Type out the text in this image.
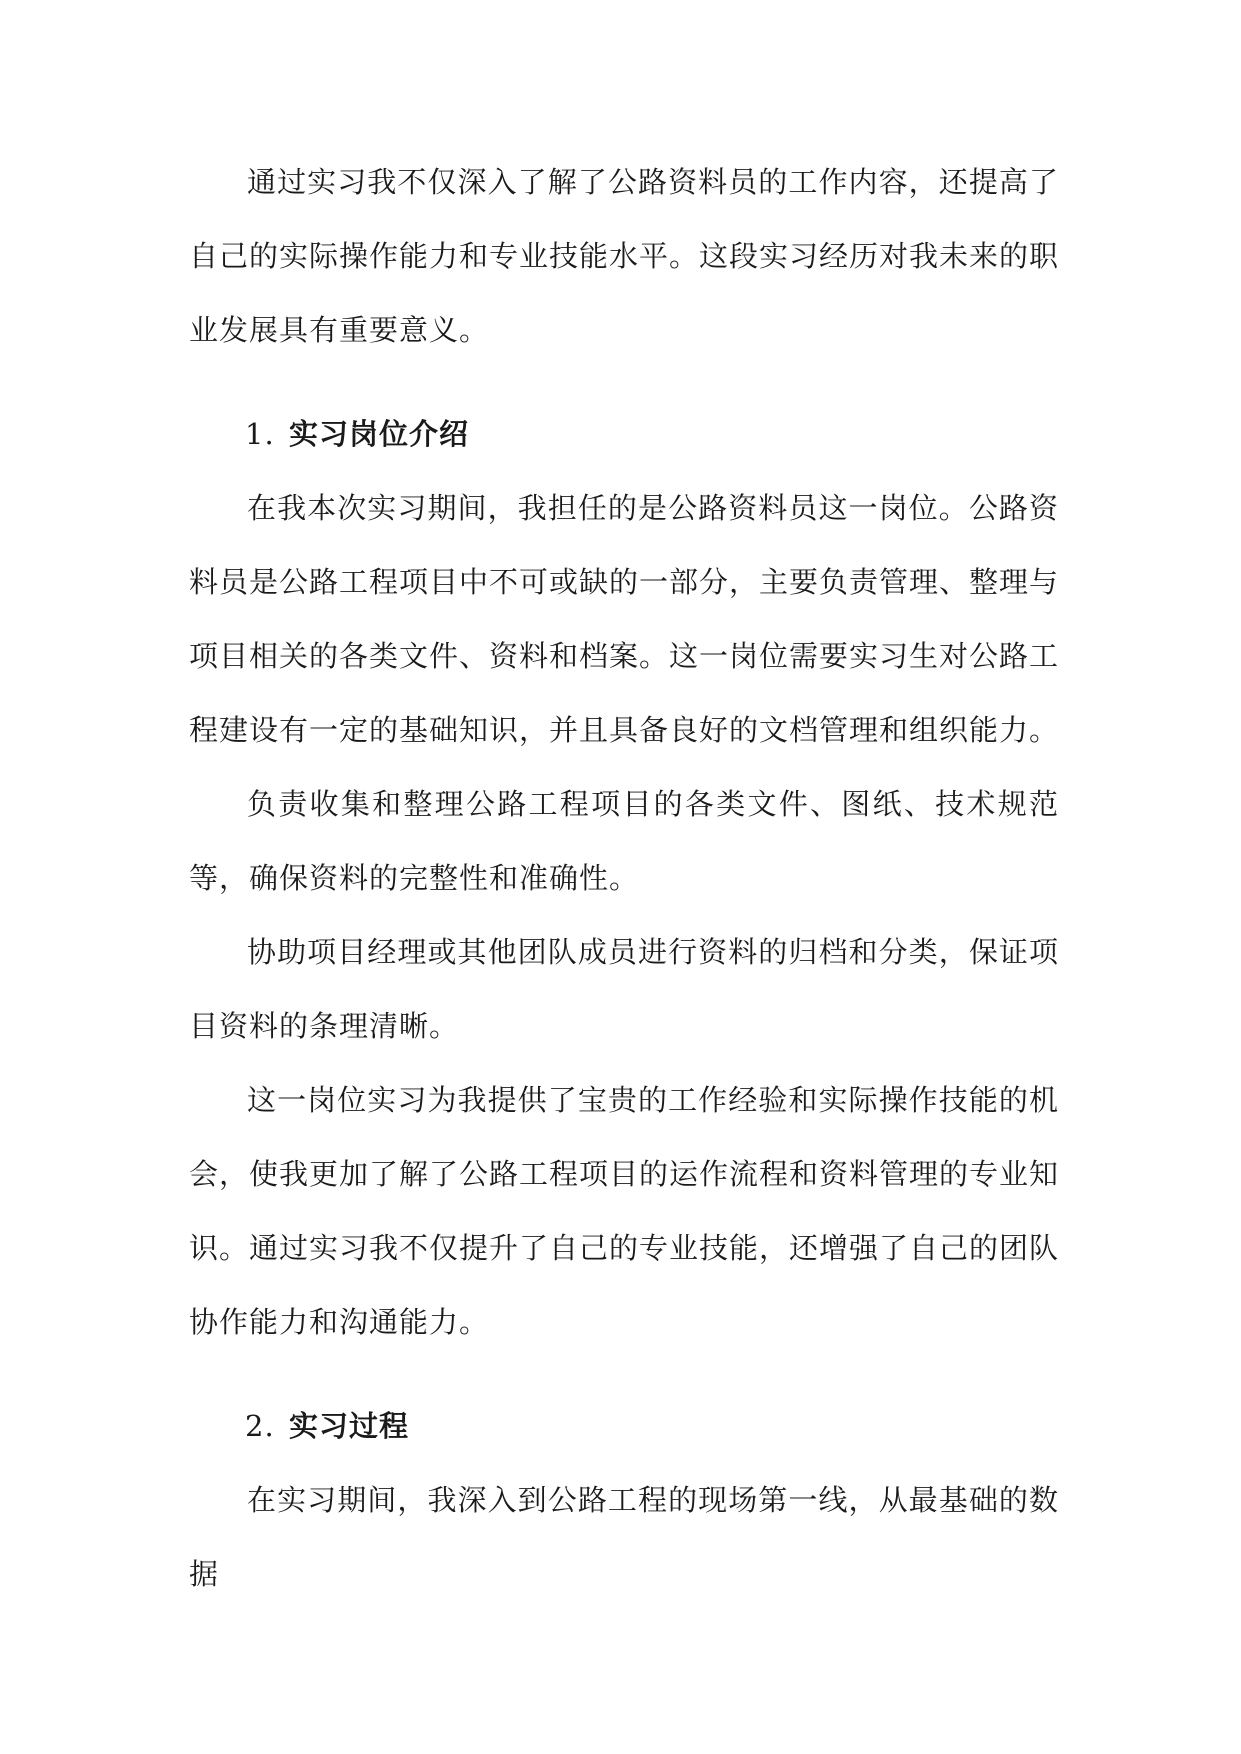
通过实习我不仅深入了解了公路资料员的工作内容，还提高了自己的实际操作能力和专业技能水平。这段实习经历对我未来的职业发展具有重要意义。

1. 实习岗位介绍

在我本次实习期间，我担任的是公路资料员这一岗位。公路资料员是公路工程项目中不可或缺的一部分，主要负责管理、整理与项目相关的各类文件、资料和档案。这一岗位需要实习生对公路工程建设有一定的基础知识，并且具备良好的文档管理和组织能力。

负责收集和整理公路工程项目的各类文件、图纸、技术规范等，确保资料的完整性和准确性。

协助项目经理或其他团队成员进行资料的归档和分类，保证项目资料的条理清晰。

这一岗位实习为我提供了宝贵的工作经验和实际操作技能的机会，使我更加了解了公路工程项目的运作流程和资料管理的专业知识。通过实习我不仅提升了自己的专业技能，还增强了自己的团队协作能力和沟通能力。

2. 实习过程

在实习期间，我深入到公路工程的现场第一线，从最基础的数据
